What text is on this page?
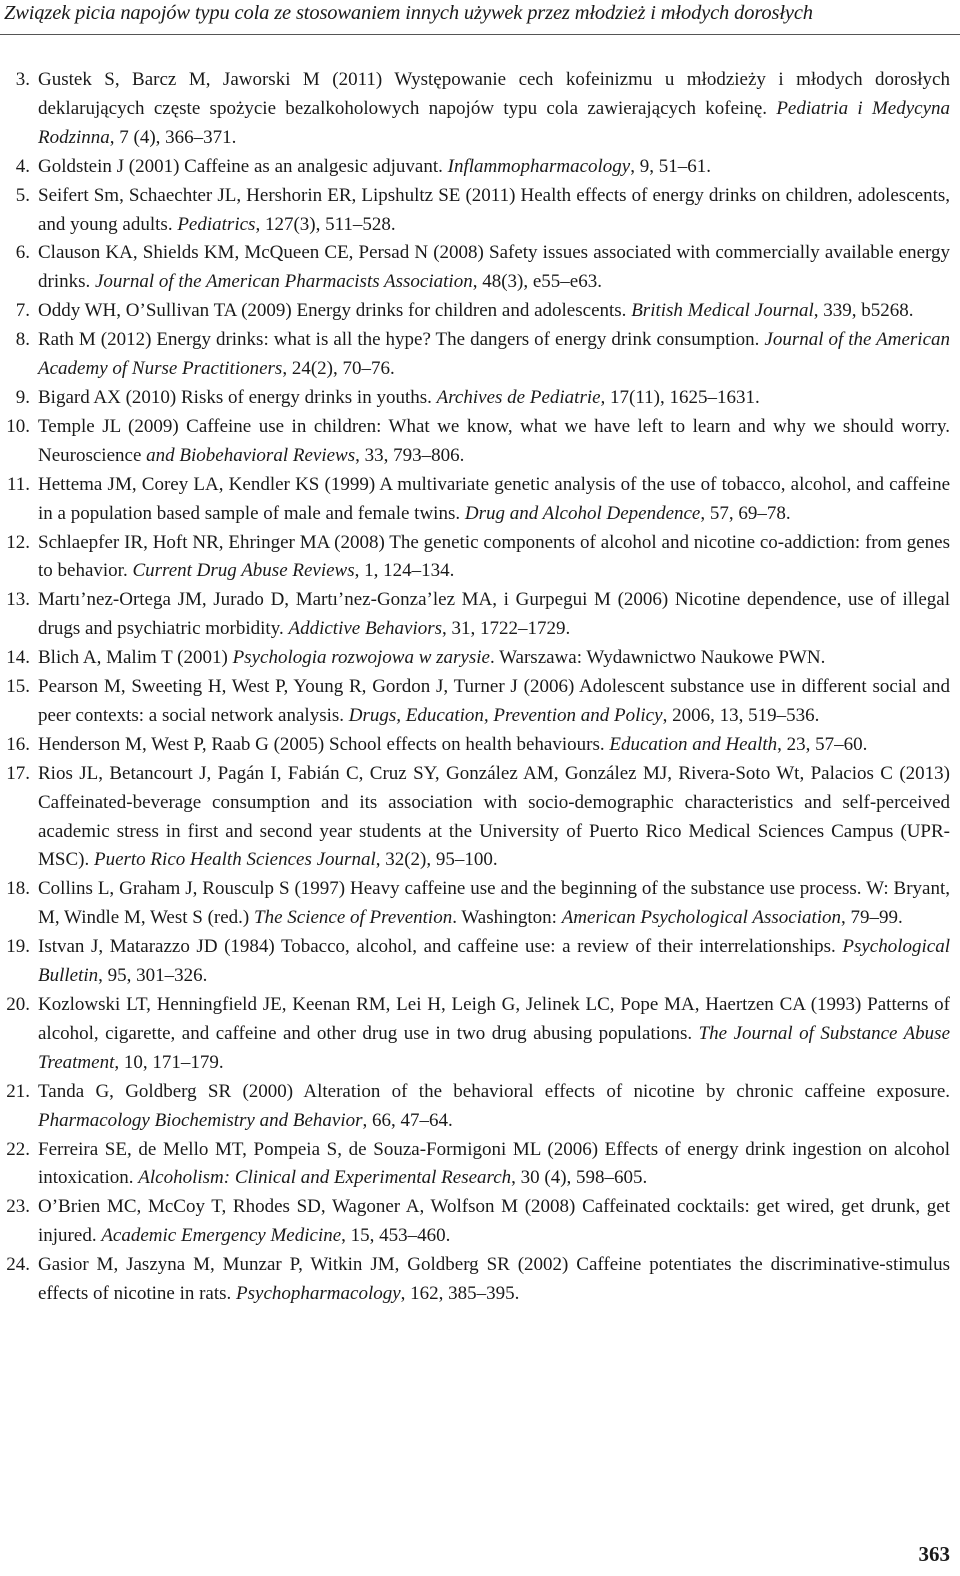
Związek picia napojów typu cola ze stosowaniem innych używek przez młodzież i młodych dorosłych
3. Gustek S, Barcz M, Jaworski M (2011) Występowanie cech kofeinizmu u młodzieży i młodych dorosłych deklarujących częste spożycie bezalkoholowych napojów typu cola zawierających kofeinę. Pediatria i Medycyna Rodzinna, 7 (4), 366–371.
4. Goldstein J (2001) Caffeine as an analgesic adjuvant. Inflammopharmacology, 9, 51–61.
5. Seifert Sm, Schaechter JL, Hershorin ER, Lipshultz SE (2011) Health effects of energy drinks on children, adolescents, and young adults. Pediatrics, 127(3), 511–528.
6. Clauson KA, Shields KM, McQueen CE, Persad N (2008) Safety issues associated with commercially available energy drinks. Journal of the American Pharmacists Association, 48(3), e55–e63.
7. Oddy WH, O’Sullivan TA (2009) Energy drinks for children and adolescents. British Medical Journal, 339, b5268.
8. Rath M (2012) Energy drinks: what is all the hype? The dangers of energy drink consumption. Journal of the American Academy of Nurse Practitioners, 24(2), 70–76.
9. Bigard AX (2010) Risks of energy drinks in youths. Archives de Pediatrie, 17(11), 1625–1631.
10. Temple JL (2009) Caffeine use in children: What we know, what we have left to learn and why we should worry. Neuroscience and Biobehavioral Reviews, 33, 793–806.
11. Hettema JM, Corey LA, Kendler KS (1999) A multivariate genetic analysis of the use of tobacco, alcohol, and caffeine in a population based sample of male and female twins. Drug and Alcohol Dependence, 57, 69–78.
12. Schlaepfer IR, Hoft NR, Ehringer MA (2008) The genetic components of alcohol and nicotine co-addiction: from genes to behavior. Current Drug Abuse Reviews, 1, 124–134.
13. Martı’nez-Ortega JM, Jurado D, Martı’nez-Gonza’lez MA, i Gurpegui M (2006) Nicotine dependence, use of illegal drugs and psychiatric morbidity. Addictive Behaviors, 31, 1722–1729.
14. Blich A, Malim T (2001) Psychologia rozwojowa w zarysie. Warszawa: Wydawnictwo Naukowe PWN.
15. Pearson M, Sweeting H, West P, Young R, Gordon J, Turner J (2006) Adolescent substance use in different social and peer contexts: a social network analysis. Drugs, Education, Prevention and Policy, 2006, 13, 519–536.
16. Henderson M, West P, Raab G (2005) School effects on health behaviours. Education and Health, 23, 57–60.
17. Rios JL, Betancourt J, Pagán I, Fabián C, Cruz SY, González AM, González MJ, Rivera-Soto Wt, Palacios C (2013) Caffeinated-beverage consumption and its association with socio-demographic characteristics and self-perceived academic stress in first and second year students at the University of Puerto Rico Medical Sciences Campus (UPR-MSC). Puerto Rico Health Sciences Journal, 32(2), 95–100.
18. Collins L, Graham J, Rousculp S (1997) Heavy caffeine use and the beginning of the substance use process. W: Bryant, M, Windle M, West S (red.) The Science of Prevention. Washington: American Psychological Association, 79–99.
19. Istvan J, Matarazzo JD (1984) Tobacco, alcohol, and caffeine use: a review of their interrelationships. Psychological Bulletin, 95, 301–326.
20. Kozlowski LT, Henningfield JE, Keenan RM, Lei H, Leigh G, Jelinek LC, Pope MA, Haertzen CA (1993) Patterns of alcohol, cigarette, and caffeine and other drug use in two drug abusing populations. The Journal of Substance Abuse Treatment, 10, 171–179.
21. Tanda G, Goldberg SR (2000) Alteration of the behavioral effects of nicotine by chronic caffeine exposure. Pharmacology Biochemistry and Behavior, 66, 47–64.
22. Ferreira SE, de Mello MT, Pompeia S, de Souza-Formigoni ML (2006) Effects of energy drink ingestion on alcohol intoxication. Alcoholism: Clinical and Experimental Research, 30 (4), 598–605.
23. O’Brien MC, McCoy T, Rhodes SD, Wagoner A, Wolfson M (2008) Caffeinated cocktails: get wired, get drunk, get injured. Academic Emergency Medicine, 15, 453–460.
24. Gasior M, Jaszyna M, Munzar P, Witkin JM, Goldberg SR (2002) Caffeine potentiates the discriminative-stimulus effects of nicotine in rats. Psychopharmacology, 162, 385–395.
363
